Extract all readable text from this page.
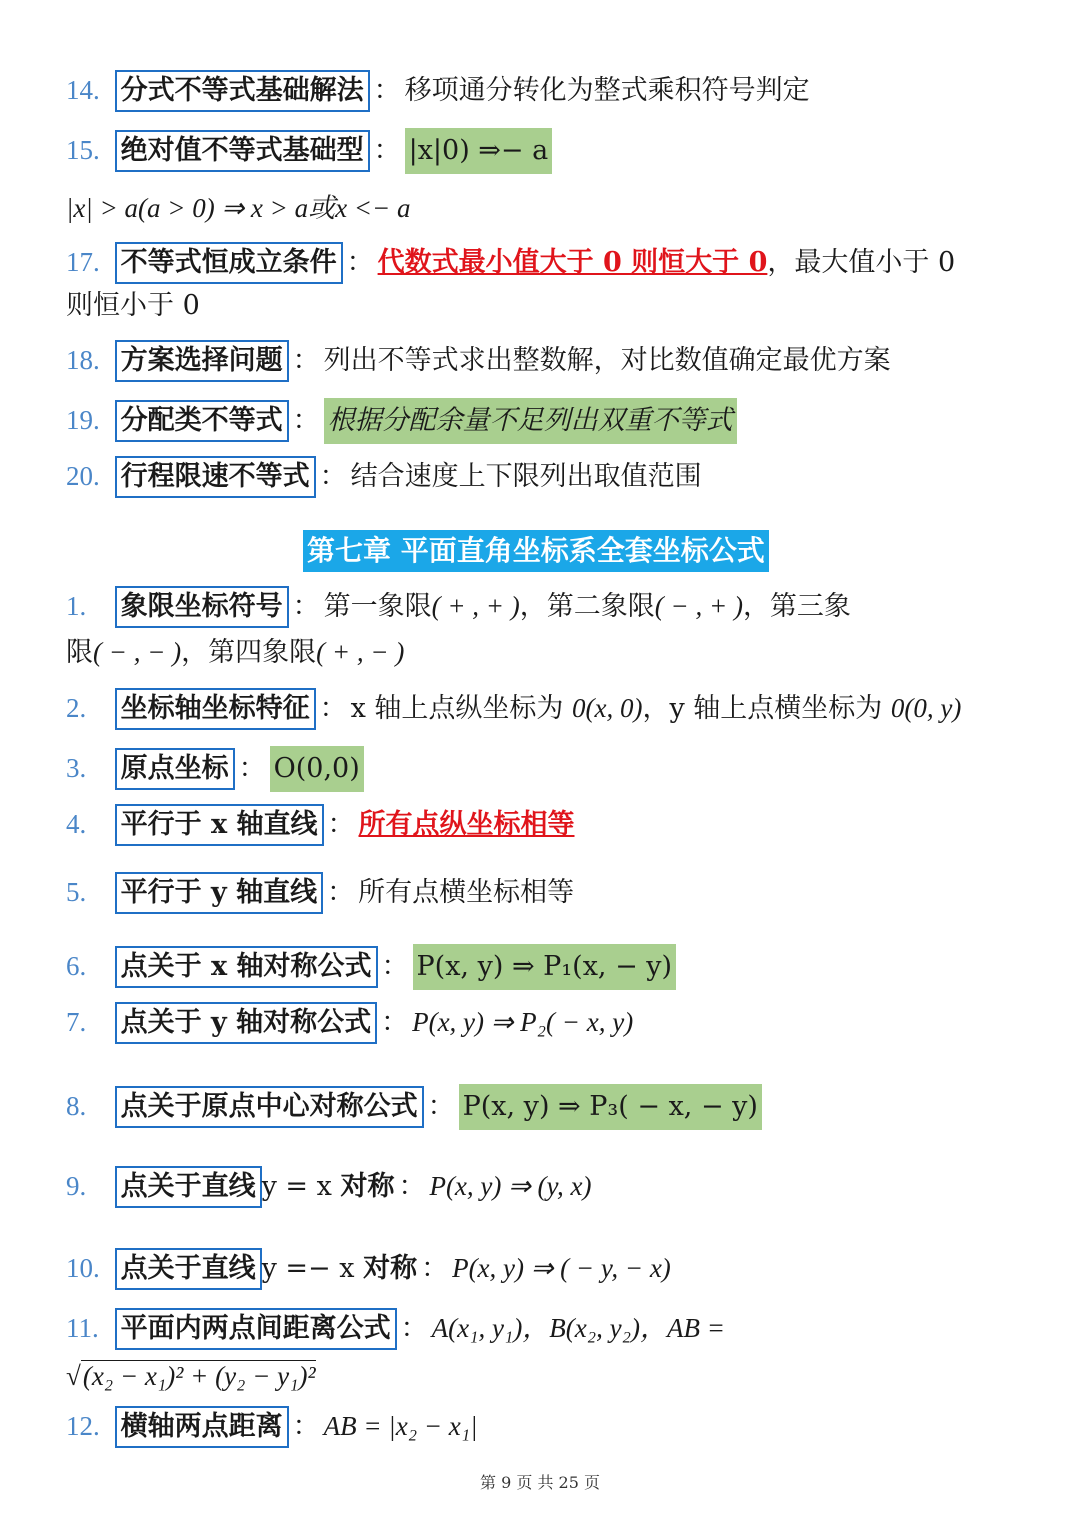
14. 分式不等式基础解法 ： 移项通分转化为整式乘积符号判定
15. 绝对值不等式基础型 ： |x|0) ⇒− a
|x| > a(a > 0) ⇒ x > a或x <− a
17. 不等式恒成立条件 ： 代数式最小值大于 0 则恒大于 0，最大值小于 0
则恒小于 0
18. 方案选择问题 ： 列出不等式求出整数解，对比数值确定最优方案
19. 分配类不等式 ： 根据分配余量不足列出双重不等式
20. 行程限速不等式 ： 结合速度上下限列出取值范围
第七章 平面直角坐标系全套坐标公式
1. 象限坐标符号 ： 第一象限( + , + )，第二象限( − , + )，第三象
限( − , − )，第四象限( + , − )
2. 坐标轴坐标特征 ： x 轴上点纵坐标为 0(x, 0)，y 轴上点横坐标为 0(0, y)
3. 原点坐标 ： O(0,0)
4. 平行于 x 轴直线 ： 所有点纵坐标相等
5. 平行于 y 轴直线 ： 所有点横坐标相等
6. 点关于 x 轴对称公式 ： P(x, y) ⇒ P₁(x, − y)
7. 点关于 y 轴对称公式 ： P(x, y) ⇒ P₂( − x, y)
8. 点关于原点中心对称公式 ： P(x, y) ⇒ P₃( − x, − y)
9. 点关于直线 y = x 对称 ： P(x, y) ⇒ (y, x)
10. 点关于直线 y =− x 对称 ： P(x, y) ⇒ ( − y, − x)
11. 平面内两点间距离公式 ： A(x₁, y₁)，B(x₂, y₂)，AB =
√(x₂ − x₁)² + (y₂ − y₁)²
12. 横轴两点距离 ： AB = |x₂ − x₁|
第 9 页 共 25 页
